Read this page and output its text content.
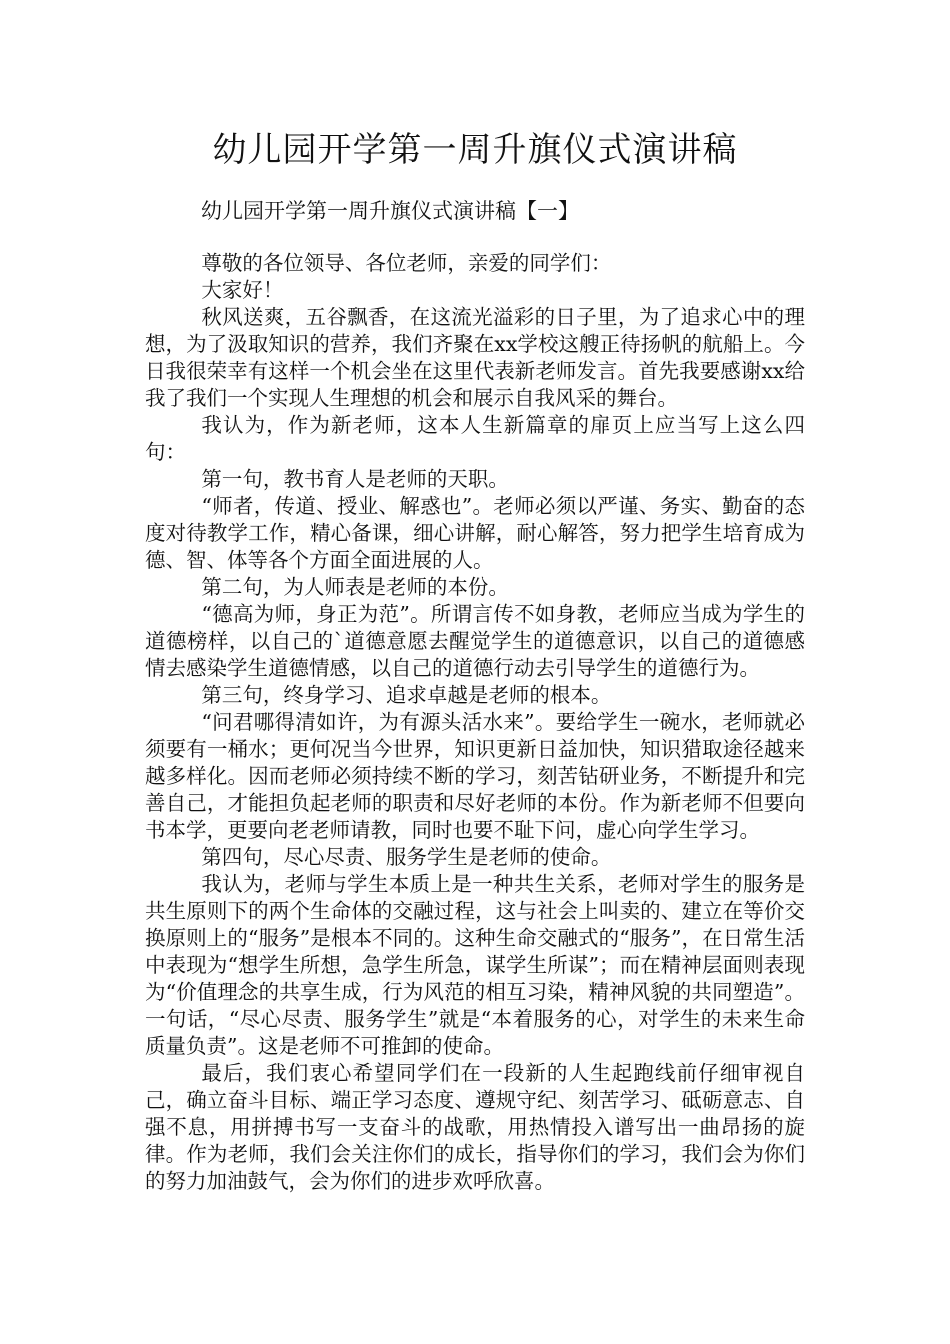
幼儿园开学第一周升旗仪式演讲稿

幼儿园开学第一周升旗仪式演讲稿【一】

尊敬的各位领导、各位老师，亲爱的同学们：

大家好！

秋风送爽，五谷飘香，在这流光溢彩的日子里，为了追求心中的理想，为了汲取知识的营养，我们齐聚在xx学校这艘正待扬帆的航船上。今日我很荣幸有这样一个机会坐在这里代表新老师发言。首先我要感谢xx给我了我们一个实现人生理想的机会和展示自我风采的舞台。

我认为，作为新老师，这本人生新篇章的扉页上应当写上这么四句：

第一句，教书育人是老师的天职。

“师者，传道、授业、解惑也”。老师必须以严谨、务实、勤奋的态度对待教学工作，精心备课，细心讲解，耐心解答，努力把学生培育成为德、智、体等各个方面全面进展的人。

第二句，为人师表是老师的本份。

“德高为师，身正为范”。所谓言传不如身教，老师应当成为学生的道德榜样，以自己的`道德意愿去醒觉学生的道德意识，以自己的道德感情去感染学生道德情感，以自己的道德行动去引导学生的道德行为。

第三句，终身学习、追求卓越是老师的根本。

“问君哪得清如许，为有源头活水来”。要给学生一碗水，老师就必须要有一桶水；更何况当今世界，知识更新日益加快，知识猎取途径越来越多样化。因而老师必须持续不断的学习，刻苦钻研业务，不断提升和完善自己，才能担负起老师的职责和尽好老师的本份。作为新老师不但要向书本学，更要向老老师请教，同时也要不耻下问，虚心向学生学习。

第四句，尽心尽责、服务学生是老师的使命。

我认为，老师与学生本质上是一种共生关系，老师对学生的服务是共生原则下的两个生命体的交融过程，这与社会上叫卖的、建立在等价交换原则上的“服务”是根本不同的。这种生命交融式的“服务”，在日常生活中表现为“想学生所想，急学生所急，谋学生所谋”；而在精神层面则表现为“价值理念的共享生成，行为风范的相互习染，精神风貌的共同塑造”。一句话，“尽心尽责、服务学生”就是“本着服务的心，对学生的未来生命质量负责”。这是老师不可推卸的使命。

最后，我们衷心希望同学们在一段新的人生起跑线前仔细审视自己，确立奋斗目标、端正学习态度、遵规守纪、刻苦学习、砥砺意志、自强不息，用拼搏书写一支奋斗的战歌，用热情投入谱写出一曲昂扬的旋律。作为老师，我们会关注你们的成长，指导你们的学习，我们会为你们的努力加油鼓气，会为你们的进步欢呼欣喜。
